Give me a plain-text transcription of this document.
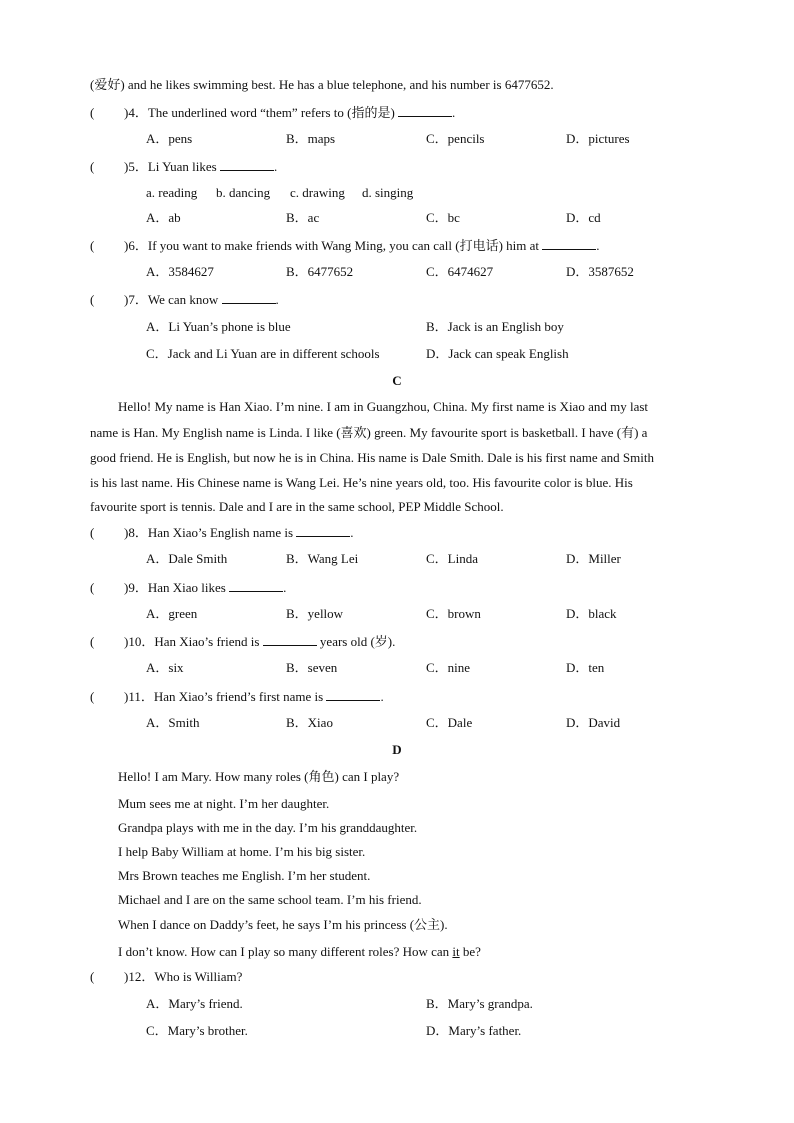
(爱好) and he likes swimming best. He has a blue telephone, and his number is 6477652.
( )4．The underlined word “them” refers to (指的是)	.
A．pens	B．maps	C．pencils	D．pictures
( )5．Li Yuan likes	.
a. reading b. dancing c. drawing d. singing
A．ab	B．ac	C．bc	D．cd
( )6．If you want to make friends with Wang Ming, you can call (打电话) him at	.
A．3584627	B．6477652	C．6474627	D．3587652
( )7．We can know	.
A．Li Yuan’s phone is blue	B．Jack is an English boy
C．Jack and Li Yuan are in different schools	D．Jack can speak English
C
Hello! My name is Han Xiao. I’m nine. I am in Guangzhou, China. My first name is Xiao and my last
name is Han. My English name is Linda. I like (喜欢) green. My favourite sport is basketball. I have (有) a
good friend. He is English, but now he is in China. His name is Dale Smith. Dale is his first name and Smith
is his last name. His Chinese name is Wang Lei. He’s nine years old, too. His favourite color is blue. His
favourite sport is tennis. Dale and I are in the same school, PEP Middle School.
( )8．Han Xiao’s English name is	.
A．Dale Smith	B．Wang Lei	C．Linda	D．Miller
( )9．Han Xiao likes	.
A．green	B．yellow	C．brown	D．black
( )10．Han Xiao’s friend is	years old (岁).
A．six	B．seven	C．nine	D．ten
( )11．Han Xiao’s friend’s first name is	.
A．Smith	B．Xiao	C．Dale	D．David
D
Hello! I am Mary. How many roles (角色) can I play?
Mum sees me at night. I’m her daughter.
Grandpa plays with me in the day. I’m his granddaughter.
I help Baby William at home. I’m his big sister.
Mrs Brown teaches me English. I’m her student.
Michael and I are on the same school team. I’m his friend.
When I dance on Daddy’s feet, he says I’m his princess (公主).
I don’t know. How can I play so many different roles? How can it be?
( )12．Who is William?
A．Mary’s friend.	B．Mary’s grandpa.
C．Mary’s brother.	D．Mary’s father.
